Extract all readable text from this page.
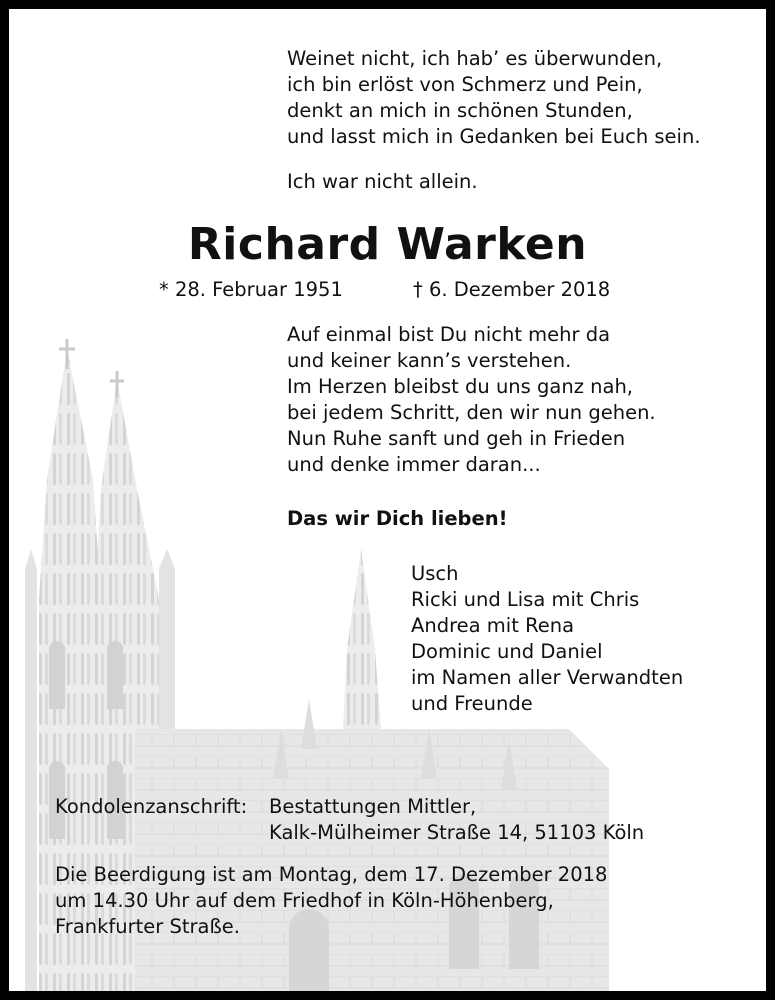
Weinet nicht, ich hab’ es überwunden,
ich bin erlöst von Schmerz und Pein,
denkt an mich in schönen Stunden,
und lasst mich in Gedanken bei Euch sein.

Ich war nicht allein.

Richard Warken

* 28. Februar 1951	† 6. Dezember 2018

Auf einmal bist Du nicht mehr da
und keiner kann’s verstehen.
Im Herzen bleibst du uns ganz nah,
bei jedem Schritt, den wir nun gehen.
Nun Ruhe sanft und geh in Frieden
und denke immer daran...

Das wir Dich lieben!

Usch
Ricki und Lisa mit Chris
Andrea mit Rena
Dominic und Daniel
im Namen aller Verwandten
und Freunde

Kondolenzanschrift: Bestattungen Mittler,
Kalk-Mülheimer Straße 14, 51103 Köln

Die Beerdigung ist am Montag, dem 17. Dezember 2018
um 14.30 Uhr auf dem Friedhof in Köln-Höhenberg,
Frankfurter Straße.
